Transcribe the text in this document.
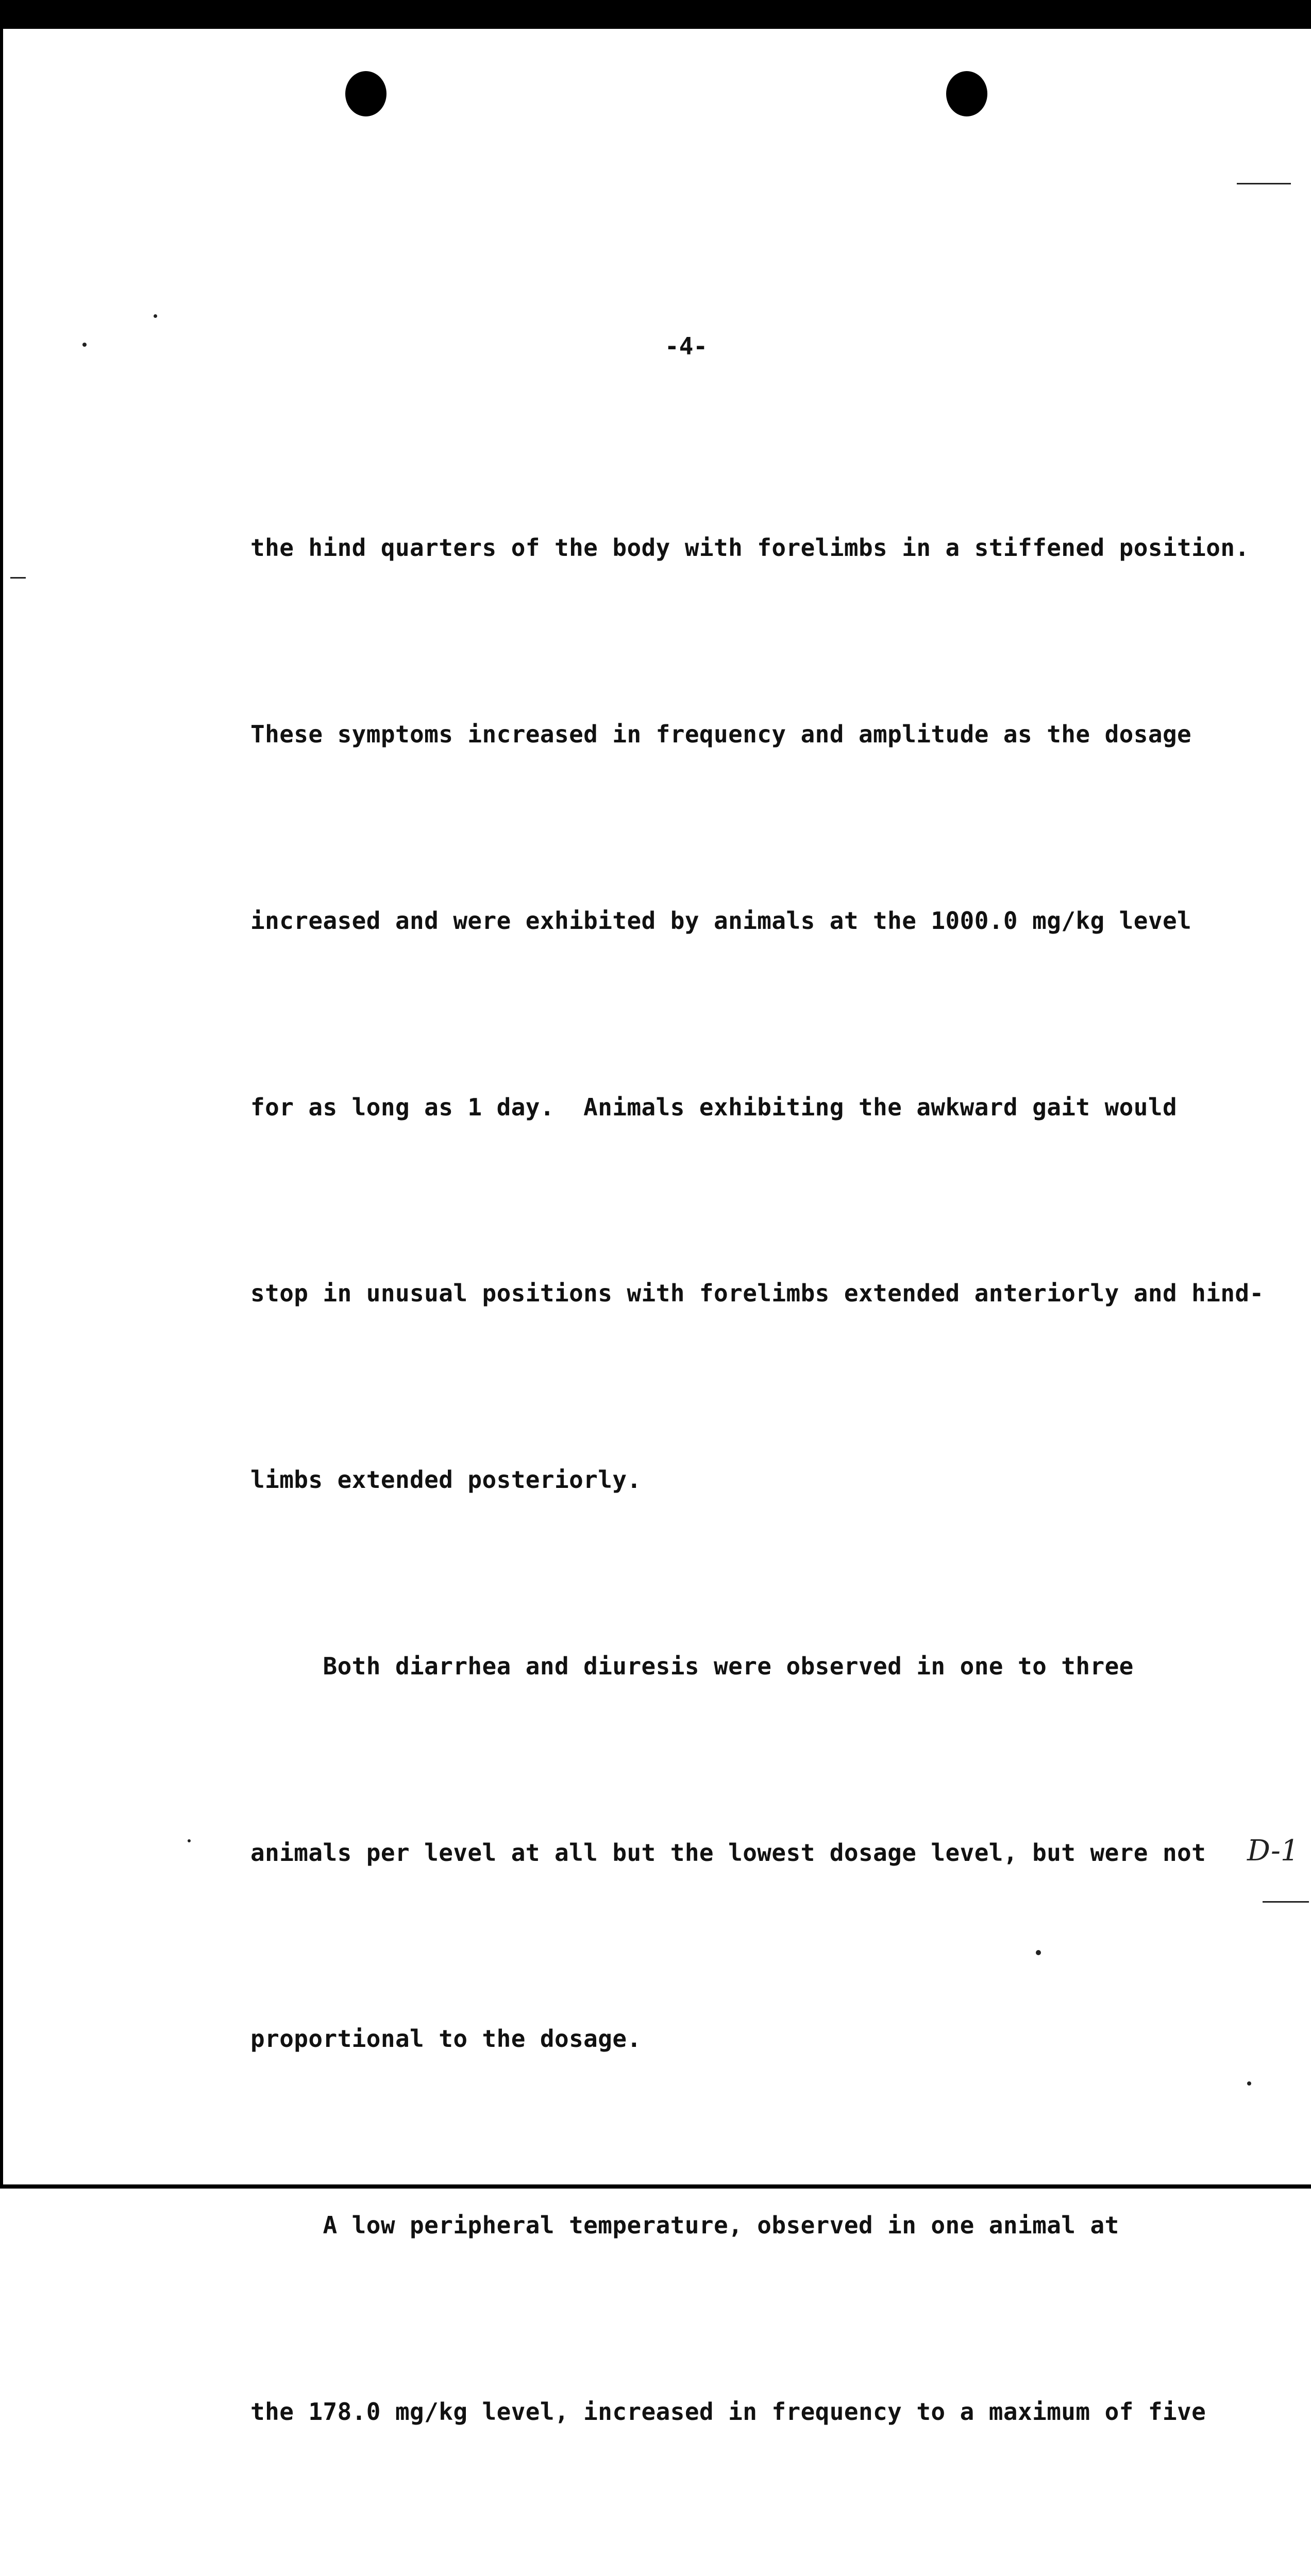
-4-

the hind quarters of the body with forelimbs in a stiffened position.

These symptoms increased in frequency and amplitude as the dosage

increased and were exhibited by animals at the 1000.0 mg/kg level

for as long as 1 day.  Animals exhibiting the awkward gait would

stop in unusual positions with forelimbs extended anteriorly and hind-

limbs extended posteriorly.

Both diarrhea and diuresis were observed in one to three

animals per level at all but the lowest dosage level, but were not

proportional to the dosage.

A low peripheral temperature, observed in one animal at

the 178.0 mg/kg level, increased in frequency to a maximum of five

D-1
